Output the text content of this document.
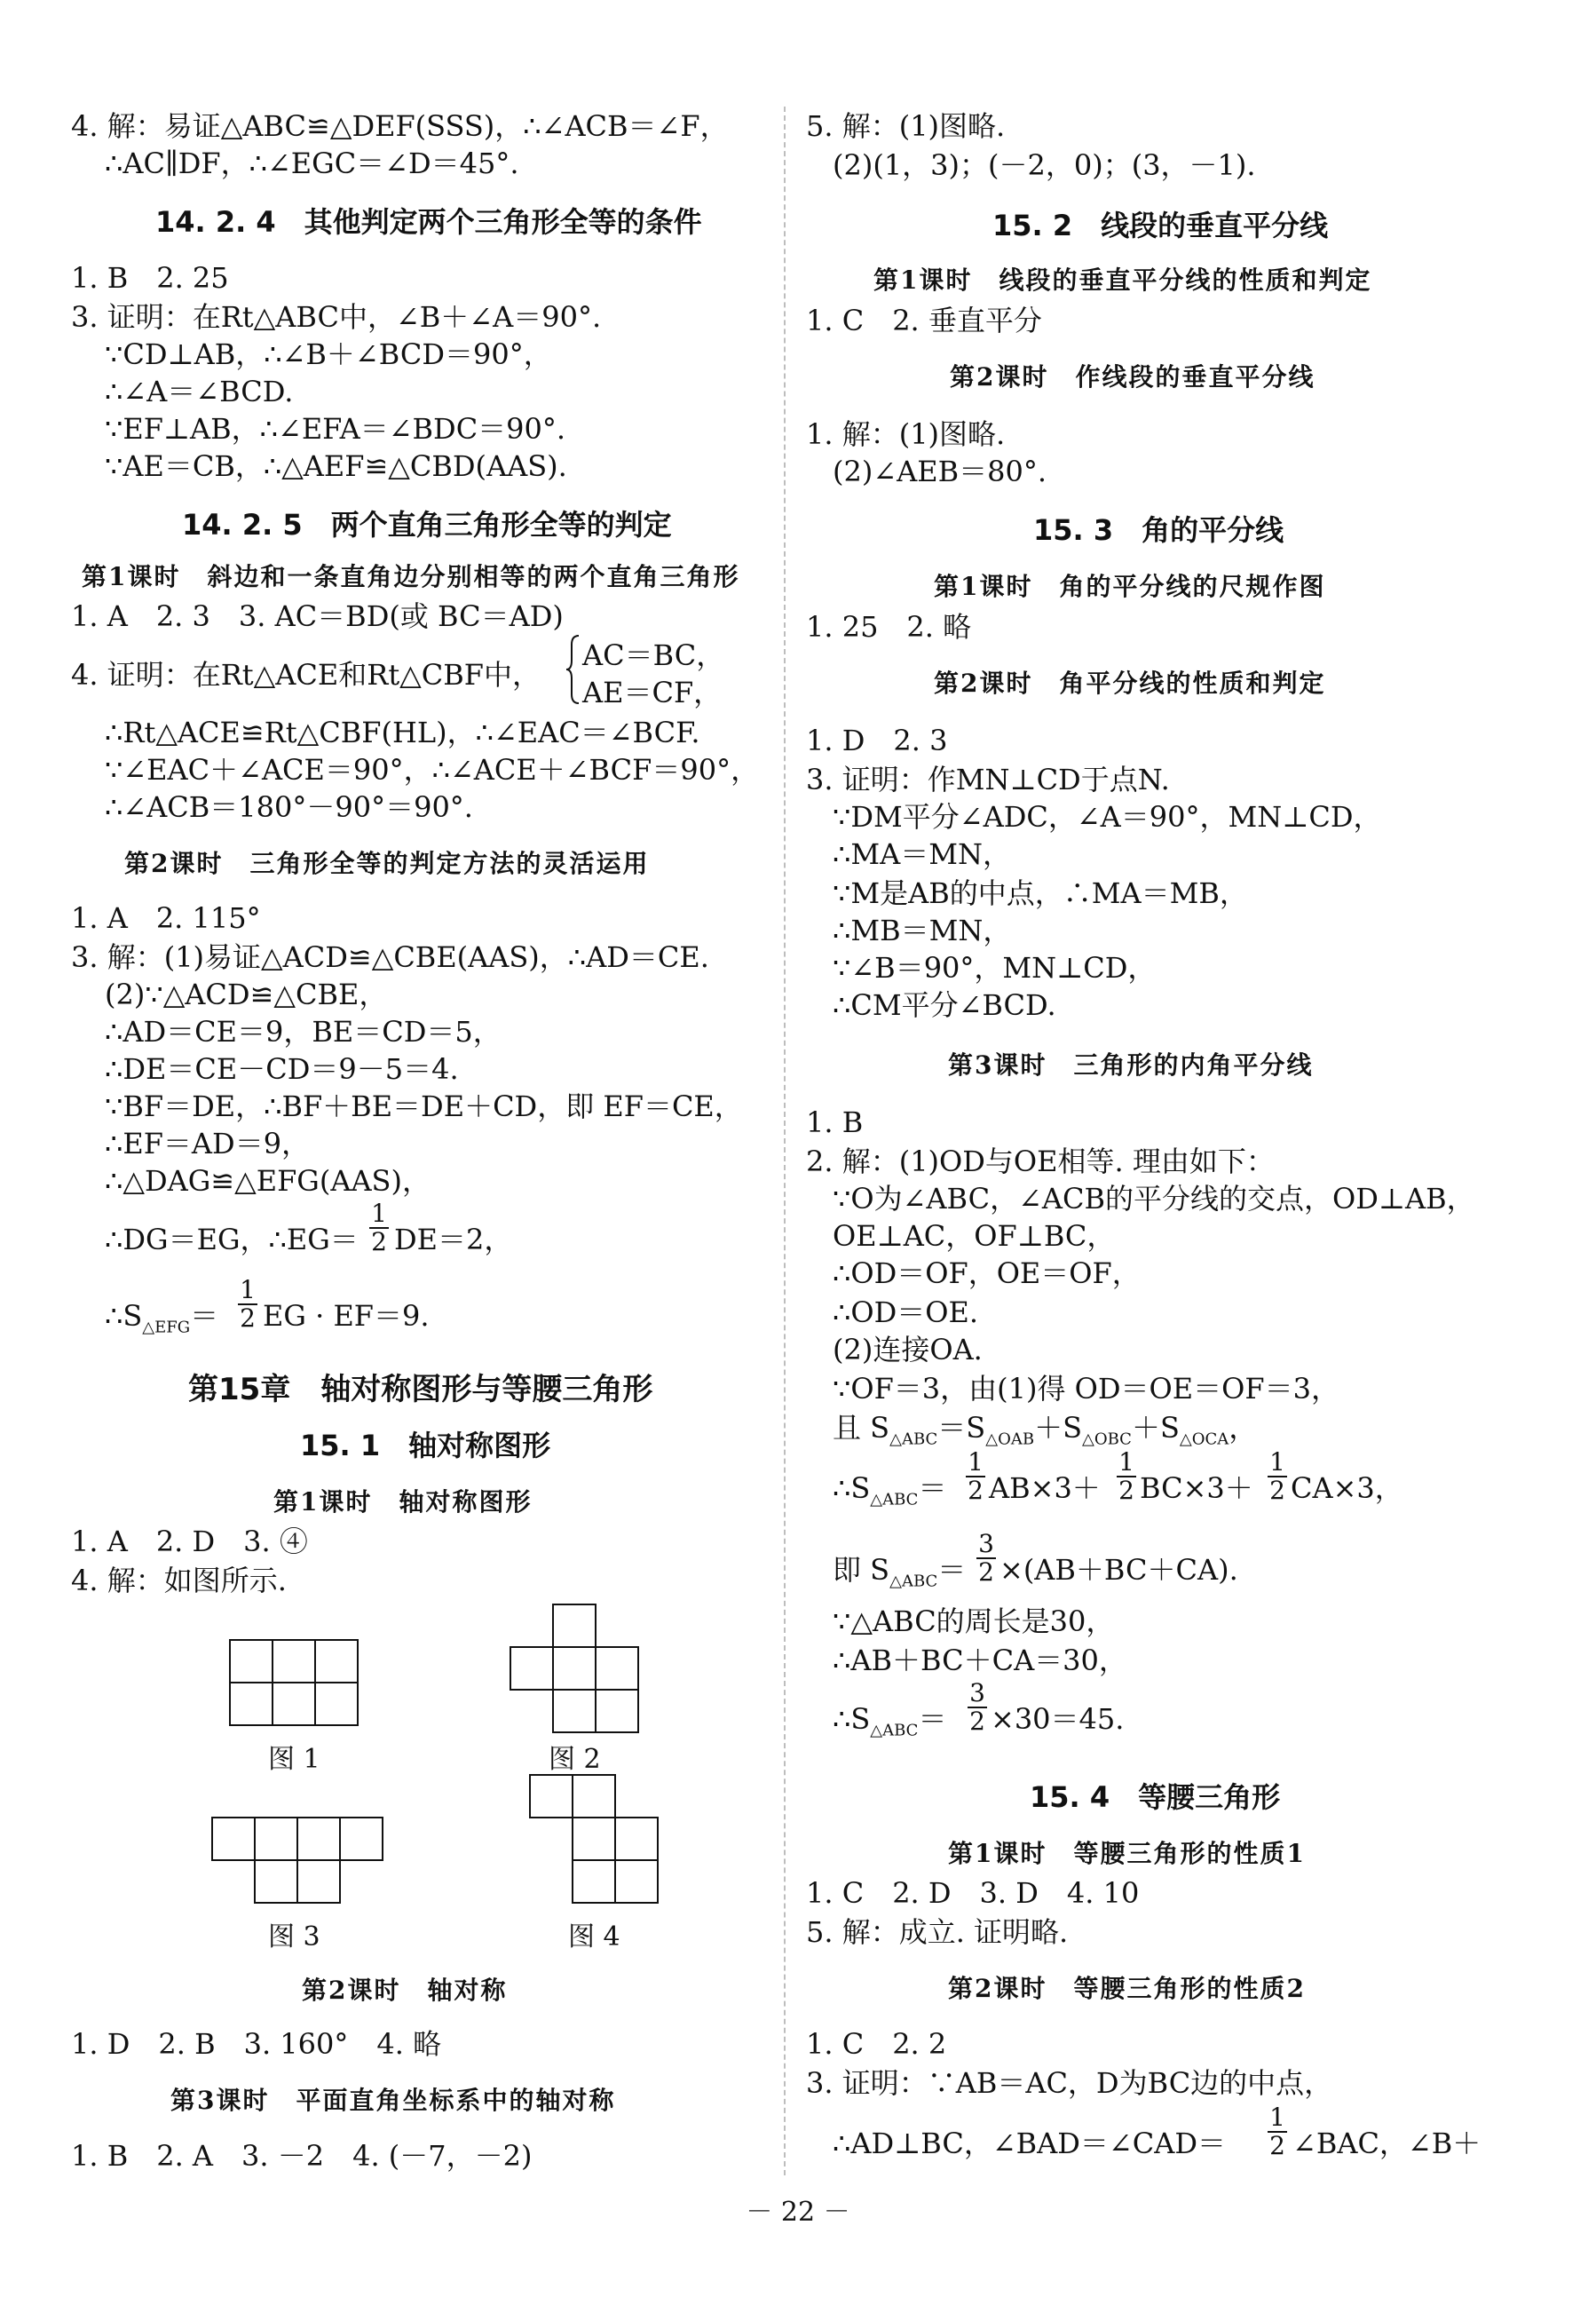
4. 解：易证△ABC≌△DEF(SSS)，∴∠ACB＝∠F，
∴AC∥DF，∴∠EGC＝∠D＝45°.
14. 2. 4　其他判定两个三角形全等的条件
1. B　2. 25
3. 证明：在Rt△ABC中，∠B＋∠A＝90°.
∵CD⊥AB，∴∠B＋∠BCD＝90°，
∴∠A＝∠BCD.
∵EF⊥AB，∴∠EFA＝∠BDC＝90°.
∵AE＝CB，∴△AEF≌△CBD(AAS).
14. 2. 5　两个直角三角形全等的判定
第1课时　斜边和一条直角边分别相等的两个直角三角形
1. A　2. 3　3. AC＝BD(或 BC＝AD)
4. 证明：在Rt△ACE和Rt△CBF中，
AC＝BC，
AE＝CF，
∴Rt△ACE≌Rt△CBF(HL)，∴∠EAC＝∠BCF.
∵∠EAC＋∠ACE＝90°，∴∠ACE＋∠BCF＝90°，
∴∠ACB＝180°－90°＝90°.
第2课时　三角形全等的判定方法的灵活运用
1. A　2. 115°
3. 解：(1)易证△ACD≌△CBE(AAS)，∴AD＝CE.
(2)∵△ACD≌△CBE，
∴AD＝CE＝9，BE＝CD＝5，
∴DE＝CE－CD＝9－5＝4.
∵BF＝DE，∴BF＋BE＝DE＋CD，即 EF＝CE，
∴EF＝AD＝9，
∴△DAG≌△EFG(AAS)，
∴DG＝EG，∴EG＝
1
2 DE＝2，
$\therefore S_{\triangle EFG}=$
1
2 EG · EF＝9.
第15章　轴对称图形与等腰三角形
15. 1　轴对称图形
第1课时　轴对称图形
1. A　2. D　3. ④
4. 解：如图所示.
图 1	图 2
图 3	图 4
第2课时　轴对称
1. D　2. B　3. 160°　4. 略
第3课时　平面直角坐标系中的轴对称
1. B　2. A　3. －2　4. (－7，－2)
5. 解：(1)图略.
(2)(1，3)；(－2，0)；(3，－1).
15. 2　线段的垂直平分线
第1课时　线段的垂直平分线的性质和判定
1. C　2. 垂直平分
第2课时　作线段的垂直平分线
1. 解：(1)图略.
(2)∠AEB＝80°.
15. 3　角的平分线
第1课时　角的平分线的尺规作图
1. 25　2. 略
第2课时　角平分线的性质和判定
1. D　2. 3
3. 证明：作MN⊥CD于点N.
∵DM平分∠ADC，∠A＝90°，MN⊥CD，
∴MA＝MN，
∵M是AB的中点，∴MA＝MB，
∴MB＝MN，
∵∠B＝90°，MN⊥CD，
∴CM平分∠BCD.
第3课时　三角形的内角平分线
1. B
2. 解：(1)OD与OE相等. 理由如下：
∵O为∠ABC，∠ACB的平分线的交点，OD⊥AB，
OE⊥AC，OF⊥BC，
∴OD＝OF，OE＝OF，
∴OD＝OE.
(2)连接OA.
∵OF＝3，由(1)得 OD＝OE＝OF＝3，
且 $S_{\triangle ABC}=S_{\triangle OAB}+S_{\triangle OBC}+S_{\triangle OCA}$，
$\therefore S_{\triangle ABC}=$
1
2 AB×3＋
1
2 BC×3＋
1
2 CA×3，
即 $S_{\triangle ABC}=$
3
2 ×(AB＋BC＋CA).
∵△ABC的周长是30，
∴AB＋BC＋CA＝30，
$\therefore S_{\triangle ABC}=$
3
2 ×30＝45.
15. 4　等腰三角形
第1课时　等腰三角形的性质1
1. C　2. D　3. D　4. 10
5. 解：成立. 证明略.
第2课时　等腰三角形的性质2
1. C　2. 2
3. 证明：∵AB＝AC，D为BC边的中点，
∴AD⊥BC，∠BAD＝∠CAD＝
1
2 ∠BAC，∠B＋
－ 22 －
